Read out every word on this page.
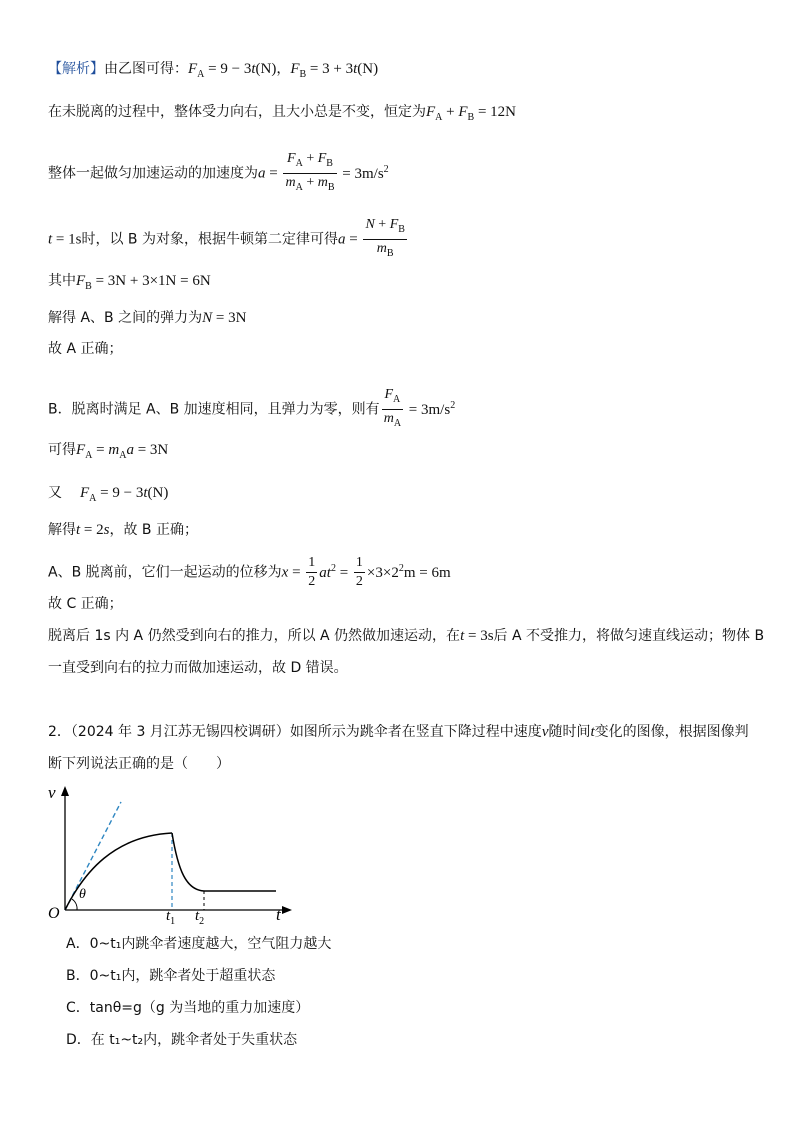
【解析】由乙图可得：$F_A = 9 - 3t(N)$，$F_B = 3 + 3t(N)$
在未脱离的过程中，整体受力向右，且大小总是不变，恒定为$F_A + F_B = 12N$
整体一起做匀加速运动的加速度为$a = \frac{F_A + F_B}{m_A + m_B} = 3m/s^2$
t = 1s时，以 B 为对象，根据牛顿第二定律可得$a = \frac{N + F_B}{m_B}$
其中$F_B = 3N + 3\times 1N = 6N$
解得 A、B 之间的弹力为N = 3N
故 A 正确；
B．脱离时满足 A、B 加速度相同，且弹力为零，则有 $\frac{F_A}{m_A} = 3m/s^2$
可得$F_A = m_Aa = 3N$
又 $F_A = 9 - 3t(N)$
解得t = 2s，故 B 正确；
A、B 脱离前，它们一起运动的位移为$x = \frac{1}{2} at^2 = \frac{1}{2} \times 3\times 2^2m = 6m$
故 C 正确；
脱离后 1s 内 A 仍然受到向右的推力，所以 A 仍然做加速运动，在t = 3s后 A 不受推力，将做匀速直线运动；物体 B
一直受到向右的拉力而做加速运动，故 D 错误。
2．（2024 年 3 月江苏无锡四校调研）如图所示为跳伞者在竖直下降过程中速度v随时间t变化的图像，根据图像判
断下列说法正确的是（　　）
v
O
θ
t
$t_1$ $t_2$
A．0~t₁内跳伞者速度越大，空气阻力越大
B．0~t₁内，跳伞者处于超重状态
C．tanθ=g（g 为当地的重力加速度）
D．在 t₁~t₂内，跳伞者处于失重状态
